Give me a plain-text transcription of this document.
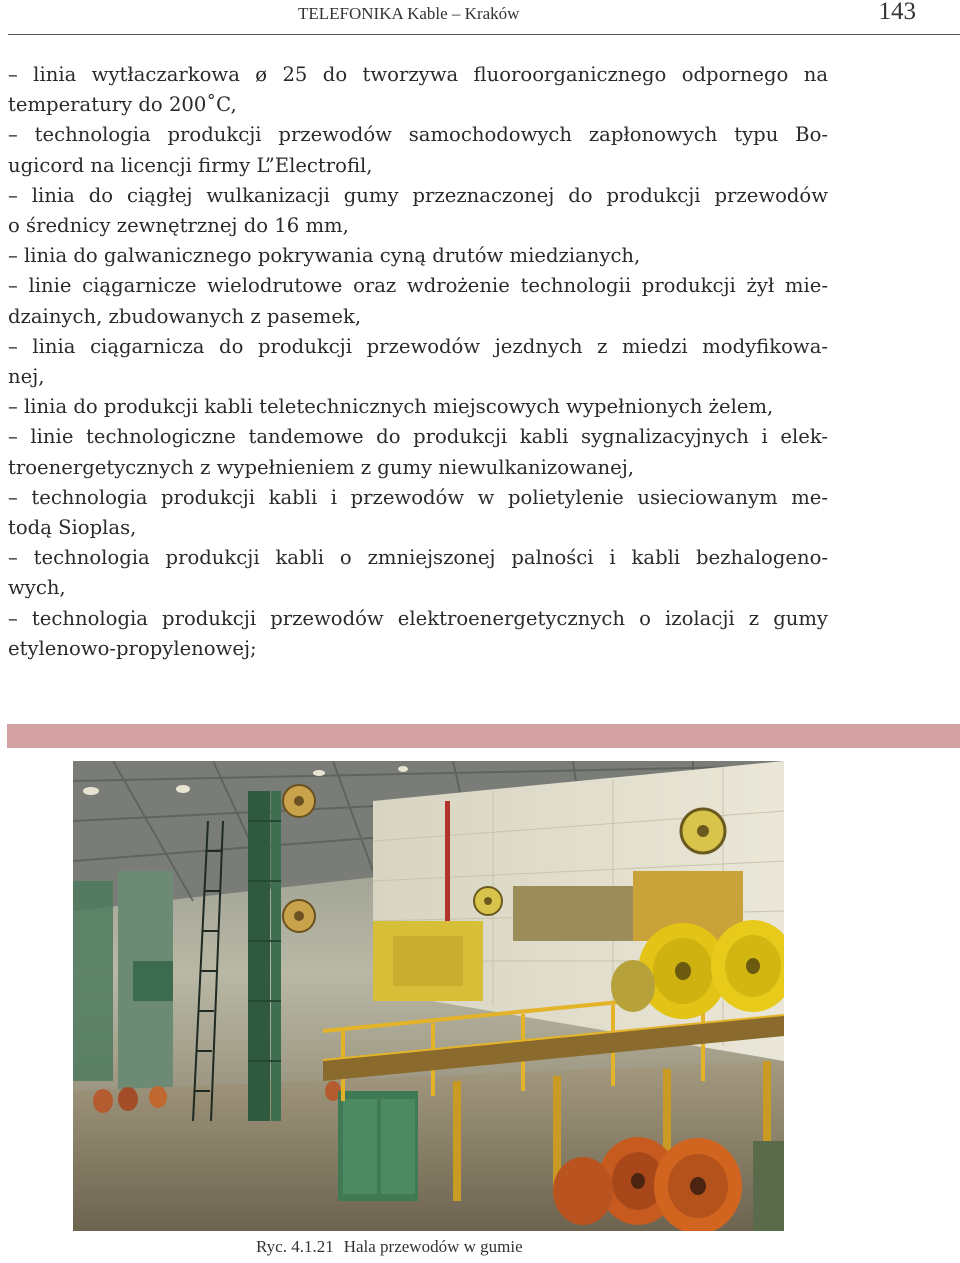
TELEFONIKA Kable – Kraków	143
– linia wytłaczarkowa ø 25 do tworzywa fluoroorganicznego odpornego na
temperatury do 200˚C,
– technologia produkcji przewodów samochodowych zapłonowych typu Bo-
ugicord na licencji firmy L”Electrofil,
– linia do ciągłej wulkanizacji gumy przeznaczonej do produkcji przewodów
o średnicy zewnętrznej do 16 mm,
– linia do galwanicznego pokrywania cyną drutów miedzianych,
– linie ciągarnicze wielodrutowe oraz wdrożenie technologii produkcji żył mie-
dzainych, zbudowanych z pasemek,
– linia ciągarnicza do produkcji przewodów jezdnych z miedzi modyfikowa-
nej,
– linia do produkcji kabli teletechnicznych miejscowych wypełnionych żelem,
– linie technologiczne tandemowe do produkcji kabli sygnalizacyjnych i elek-
troenergetycznych z wypełnieniem z gumy niewulkanizowanej,
– technologia produkcji kabli i przewodów w polietylenie usieciowanym me-
todą Sioplas,
– technologia produkcji kabli o zmniejszonej palności i kabli bezhalogeno-
wych,
– technologia produkcji przewodów elektroenergetycznych o izolacji z gumy
etylenowo-propylenowej;
Ryc. 4.1.21 Hala przewodów w gumie
